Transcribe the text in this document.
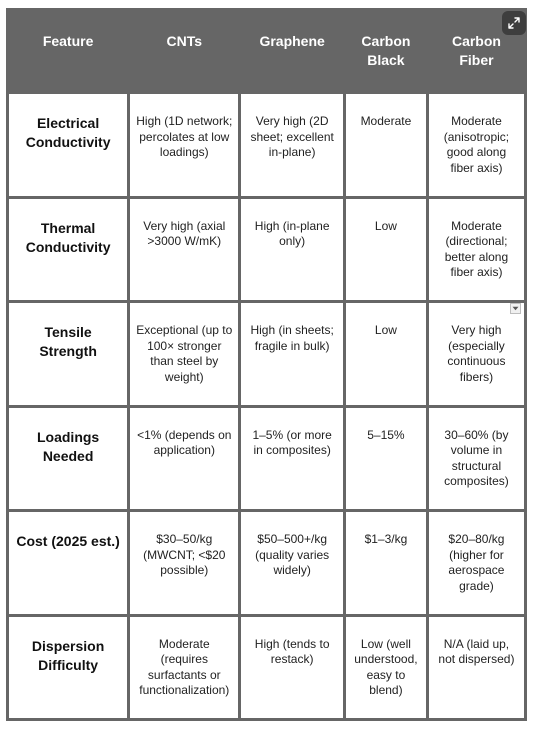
Feature	CNTs	Graphene	Carbon Black	Carbon Fiber
Electrical Conductivity	High (1D network; percolates at low loadings)	Very high (2D sheet; excellent in-plane)	Moderate	Moderate (anisotropic; good along fiber axis)
Thermal Conductivity	Very high (axial >3000 W/mK)	High (in-plane only)	Low	Moderate (directional; better along fiber axis)
Tensile Strength	Exceptional (up to 100× stronger than steel by weight)	High (in sheets; fragile in bulk)	Low	Very high (especially continuous fibers)
Loadings Needed	<1% (depends on application)	1–5% (or more in composites)	5–15%	30–60% (by volume in structural composites)
Cost (2025 est.)	$30–50/kg (MWCNT; <$20 possible)	$50–500+/kg (quality varies widely)	$1–3/kg	$20–80/kg (higher for aerospace grade)
Dispersion Difficulty	Moderate (requires surfactants or functionalization)	High (tends to restack)	Low (well understood, easy to blend)	N/A (laid up, not dispersed)
